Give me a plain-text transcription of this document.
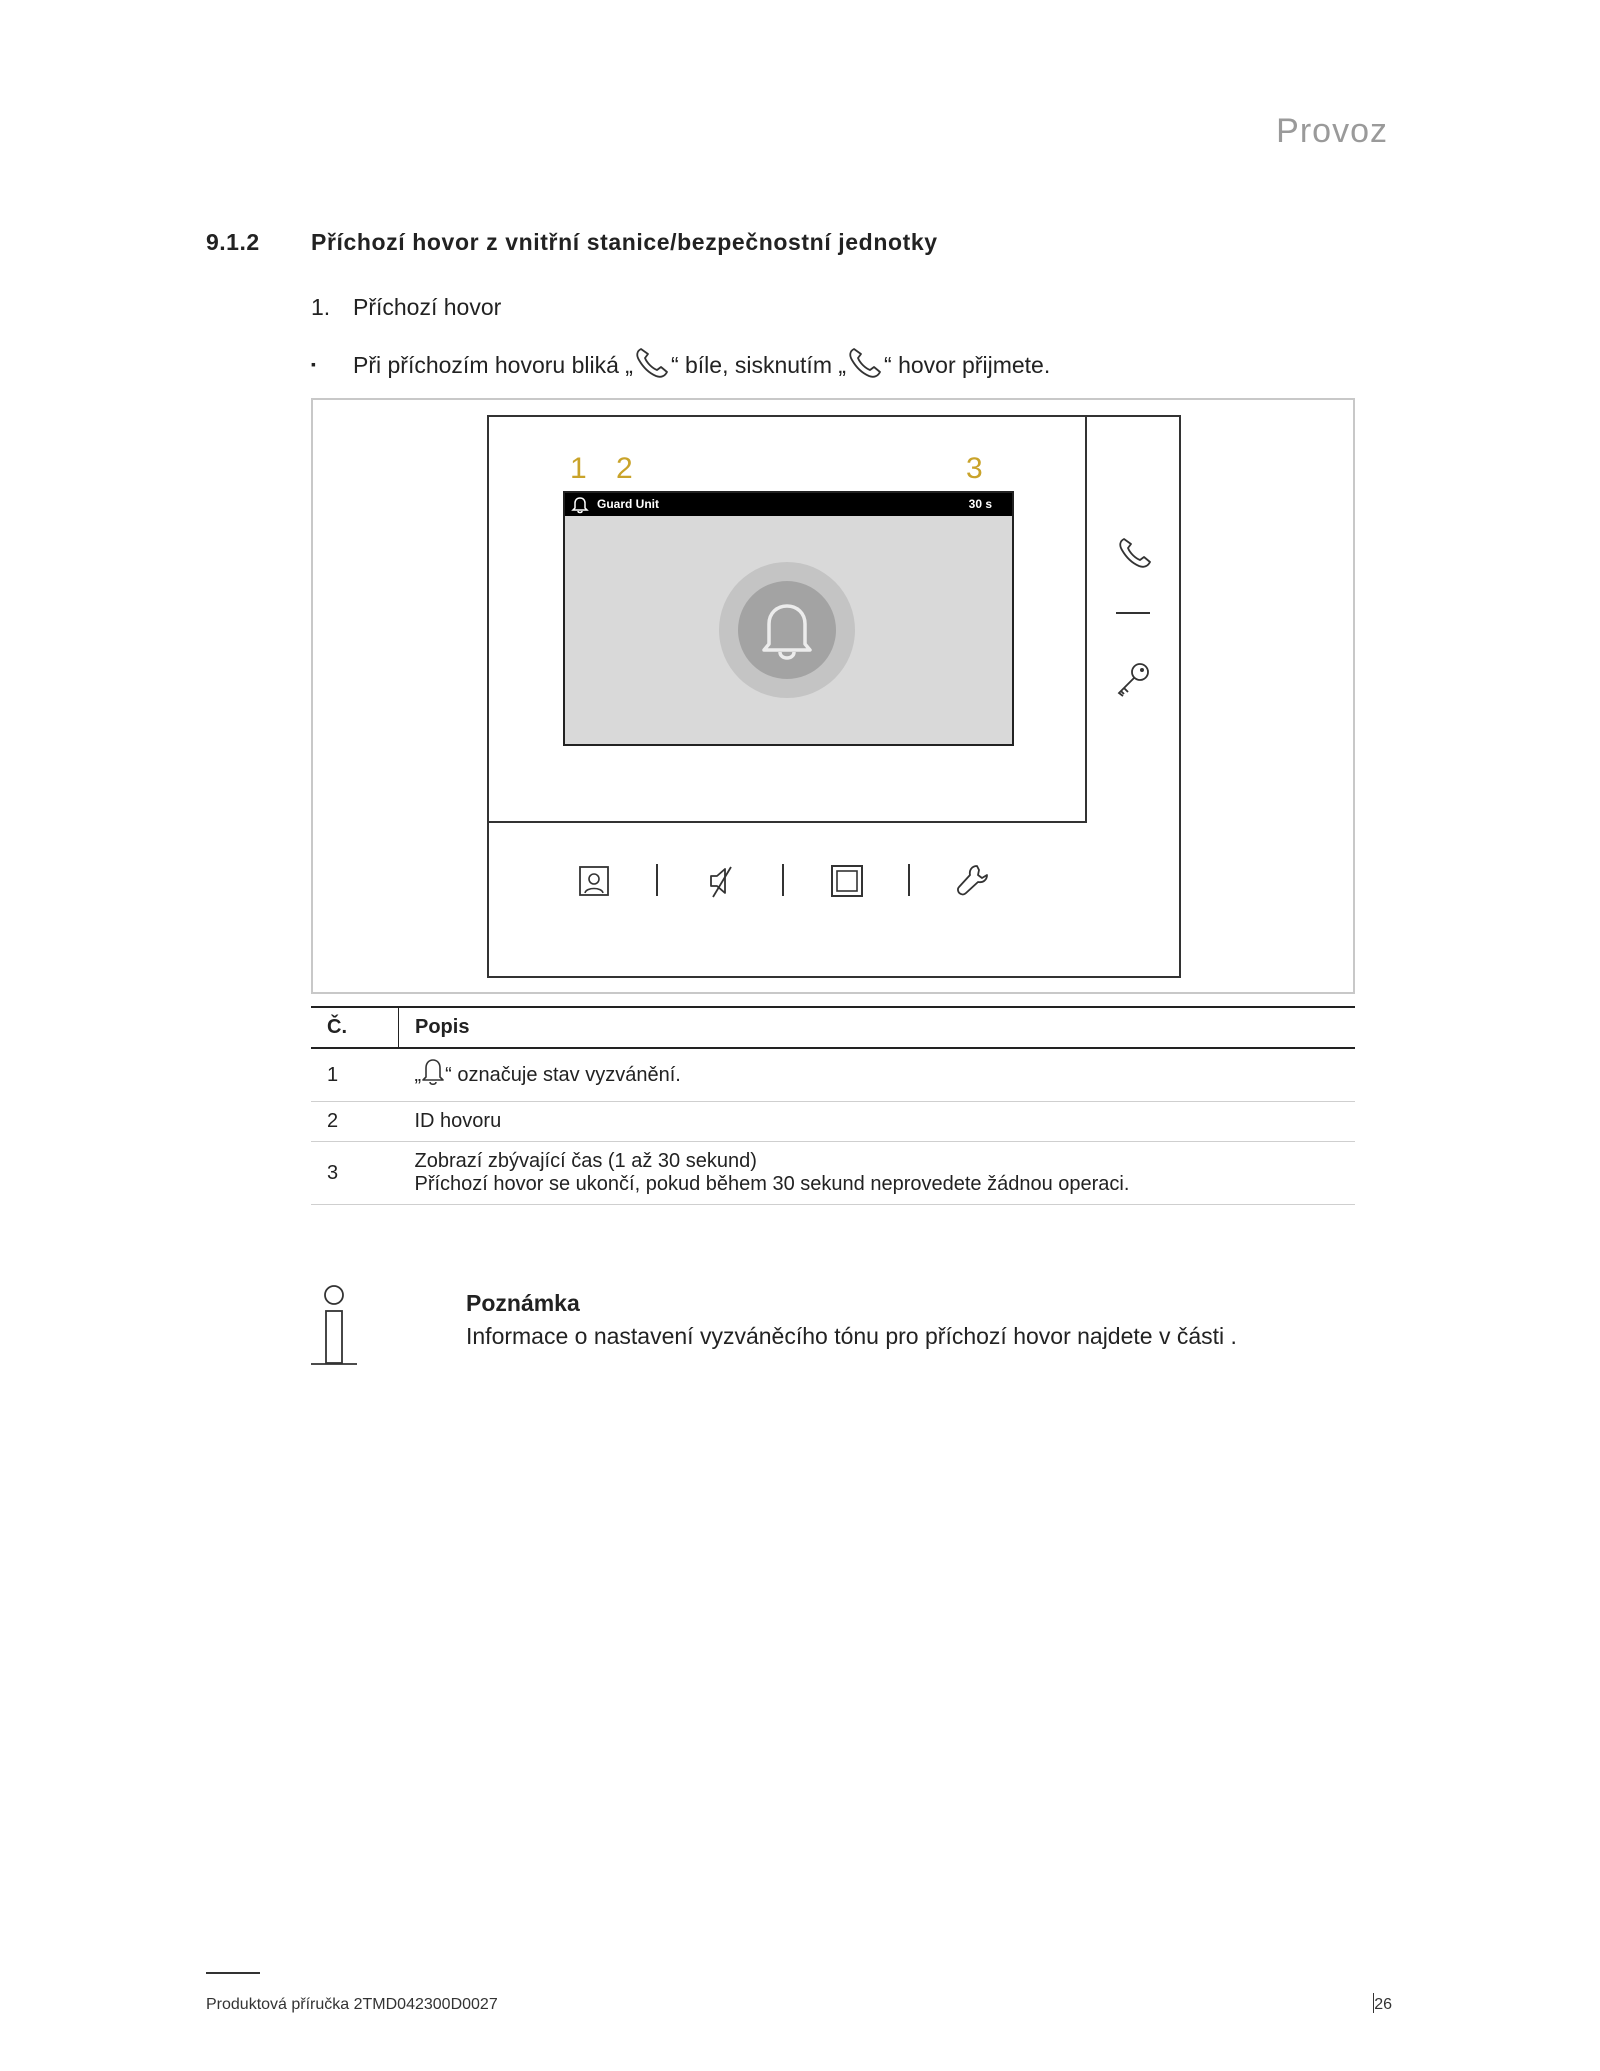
Provoz
9.1.2 Příchozí hovor z vnitřní stanice/bezpečnostní jednotky
1. Příchozí hovor
▪ Při příchozím hovoru bliká „ “ bíle, sisknutím „ “ hovor přijmete.
1 2	3
Guard Unit	30 s
Č.	Popis
1	„ “ označuje stav vyzvánění.
2	ID hovoru
3	Zobrazí zbývající čas (1 až 30 sekund)
Příchozí hovor se ukončí, pokud během 30 sekund neprovedete žádnou operaci.
Poznámka
Informace o nastavení vyzváněcího tónu pro příchozí hovor najdete v části .
Produktová příručka 2TMD042300D0027	26
